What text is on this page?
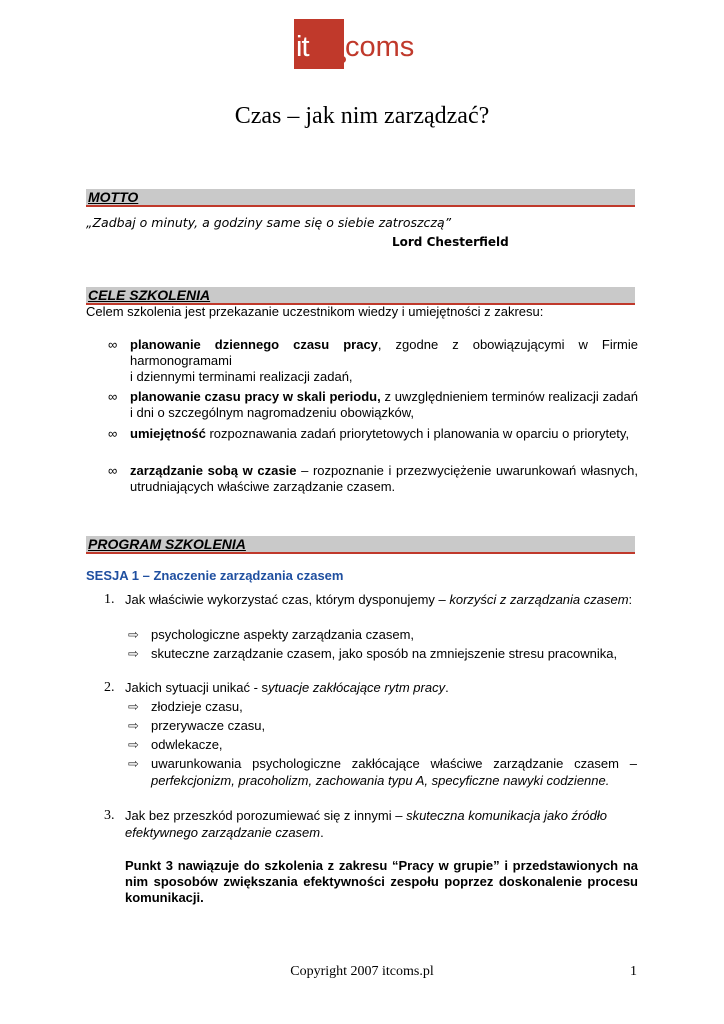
it coms
Czas – jak nim zarządzać?
MOTTO
„Zadbaj o minuty, a godziny same się o siebie zatroszczą”
Lord Chesterfield
CELE SZKOLENIA
Celem szkolenia jest przekazanie uczestnikom wiedzy i umiejętności z zakresu:
∞ planowanie dziennego czasu pracy, zgodne z obowiązującymi w Firmie harmonogramami
i dziennymi terminami realizacji zadań,
∞ planowanie czasu pracy w skali periodu, z uwzględnieniem terminów realizacji zadań i dni o szczególnym nagromadzeniu obowiązków,
∞ umiejętność rozpoznawania zadań priorytetowych i planowania w oparciu o priorytety,
∞ zarządzanie sobą w czasie – rozpoznanie i przezwyciężenie uwarunkowań własnych, utrudniających właściwe zarządzanie czasem.
PROGRAM SZKOLENIA
SESJA 1 – Znaczenie zarządzania czasem
1. Jak właściwie wykorzystać czas, którym dysponujemy – korzyści z zarządzania czasem:
⇨ psychologiczne aspekty zarządzania czasem,
⇨ skuteczne zarządzanie czasem, jako sposób na zmniejszenie stresu pracownika,
2. Jakich sytuacji unikać - sytuacje zakłócające rytm pracy.
⇨ złodzieje czasu,
⇨ przerywacze czasu,
⇨ odwlekacze,
⇨ uwarunkowania psychologiczne zakłócające właściwe zarządzanie czasem – perfekcjonizm, pracoholizm, zachowania typu A, specyficzne nawyki codzienne.
3. Jak bez przeszkód porozumiewać się z innymi – skuteczna komunikacja jako źródło efektywnego zarządzanie czasem.
Punkt 3 nawiązuje do szkolenia z zakresu “Pracy w grupie” i przedstawionych na nim sposobów zwiększania efektywności zespołu poprzez doskonalenie procesu komunikacji.
Copyright 2007 itcoms.pl	1
